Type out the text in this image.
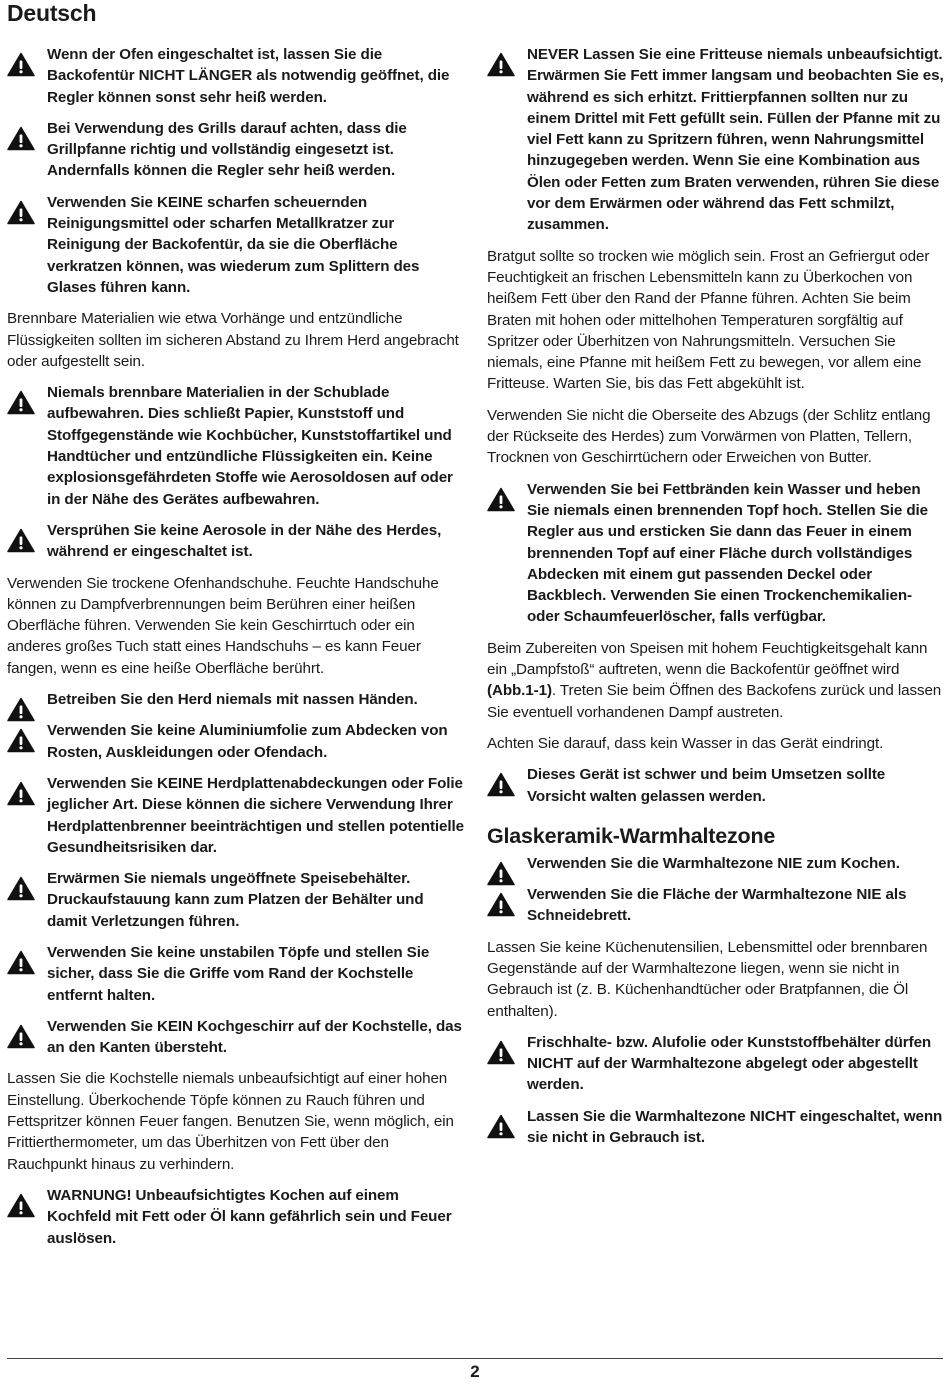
Deutsch
Wenn der Ofen eingeschaltet ist, lassen Sie die Backofentür NICHT LÄNGER als notwendig geöffnet, die Regler können sonst sehr heiß werden.
Bei Verwendung des Grills darauf achten, dass die Grillpfanne richtig und vollständig eingesetzt ist. Andernfalls können die Regler sehr heiß werden.
Verwenden Sie KEINE scharfen scheuernden Reinigungsmittel oder scharfen Metallkratzer zur Reinigung der Backofentür, da sie die Oberfläche verkratzen können, was wiederum zum Splittern des Glases führen kann.

Brennbare Materialien wie etwa Vorhänge und entzündliche Flüssigkeiten sollten im sicheren Abstand zu Ihrem Herd angebracht oder aufgestellt sein.

Niemals brennbare Materialien in der Schublade aufbewahren. Dies schließt Papier, Kunststoff und Stoffgegenstände wie Kochbücher, Kunststoffartikel und Handtücher und entzündliche Flüssigkeiten ein. Keine explosionsgefährdeten Stoffe wie Aerosoldosen auf oder in der Nähe des Gerätes aufbewahren.
Versprühen Sie keine Aerosole in der Nähe des Herdes, während er eingeschaltet ist.

Verwenden Sie trockene Ofenhandschuhe. Feuchte Handschuhe können zu Dampfverbrennungen beim Berühren einer heißen Oberfläche führen. Verwenden Sie kein Geschirrtuch oder ein anderes großes Tuch statt eines Handschuhs – es kann Feuer fangen, wenn es eine heiße Oberfläche berührt.

Betreiben Sie den Herd niemals mit nassen Händen.
Verwenden Sie keine Aluminiumfolie zum Abdecken von Rosten, Auskleidungen oder Ofendach.
Verwenden Sie KEINE Herdplattenabdeckungen oder Folie jeglicher Art. Diese können die sichere Verwendung Ihrer Herdplattenbrenner beeinträchtigen und stellen potentielle Gesundheitsrisiken dar.
Erwärmen Sie niemals ungeöffnete Speisebehälter. Druckaufstauung kann zum Platzen der Behälter und damit Verletzungen führen.
Verwenden Sie keine unstabilen Töpfe und stellen Sie sicher, dass Sie die Griffe vom Rand der Kochstelle entfernt halten.
Verwenden Sie KEIN Kochgeschirr auf der Kochstelle, das an den Kanten übersteht.

Lassen Sie die Kochstelle niemals unbeaufsichtigt auf einer hohen Einstellung. Überkochende Töpfe können zu Rauch führen und Fettspritzer können Feuer fangen. Benutzen Sie, wenn möglich, ein Frittierthermometer, um das Überhitzen von Fett über den Rauchpunkt hinaus zu verhindern.

WARNUNG! Unbeaufsichtigtes Kochen auf einem Kochfeld mit Fett oder Öl kann gefährlich sein und Feuer auslösen.
NEVER Lassen Sie eine Fritteuse niemals unbeaufsichtigt. Erwärmen Sie Fett immer langsam und beobachten Sie es, während es sich erhitzt. Frittierpfannen sollten nur zu einem Drittel mit Fett gefüllt sein. Füllen der Pfanne mit zu viel Fett kann zu Spritzern führen, wenn Nahrungsmittel hinzugegeben werden. Wenn Sie eine Kombination aus Ölen oder Fetten zum Braten verwenden, rühren Sie diese vor dem Erwärmen oder während das Fett schmilzt, zusammen.

Bratgut sollte so trocken wie möglich sein. Frost an Gefriergut oder Feuchtigkeit an frischen Lebensmitteln kann zu Überkochen von heißem Fett über den Rand der Pfanne führen. Achten Sie beim Braten mit hohen oder mittelhohen Temperaturen sorgfältig auf Spritzer oder Überhitzen von Nahrungsmitteln. Versuchen Sie niemals, eine Pfanne mit heißem Fett zu bewegen, vor allem eine Fritteuse. Warten Sie, bis das Fett abgekühlt ist.

Verwenden Sie nicht die Oberseite des Abzugs (der Schlitz entlang der Rückseite des Herdes) zum Vorwärmen von Platten, Tellern, Trocknen von Geschirrtüchern oder Erweichen von Butter.

Verwenden Sie bei Fettbränden kein Wasser und heben Sie niemals einen brennenden Topf hoch. Stellen Sie die Regler aus und ersticken Sie dann das Feuer in einem brennenden Topf auf einer Fläche durch vollständiges Abdecken mit einem gut passenden Deckel oder Backblech. Verwenden Sie einen Trockenchemikalien- oder Schaumfeuerlöscher, falls verfügbar.

Beim Zubereiten von Speisen mit hohem Feuchtigkeitsgehalt kann ein „Dampfstoß“ auftreten, wenn die Backofentür geöffnet wird (Abb.1-1). Treten Sie beim Öffnen des Backofens zurück und lassen Sie eventuell vorhandenen Dampf austreten.

Achten Sie darauf, dass kein Wasser in das Gerät eindringt.

Dieses Gerät ist schwer und beim Umsetzen sollte Vorsicht walten gelassen werden.
Glaskeramik-Warmhaltezone
Verwenden Sie die Warmhaltezone NIE zum Kochen.
Verwenden Sie die Fläche der Warmhaltezone NIE als Schneidebrett.

Lassen Sie keine Küchenutensilien, Lebensmittel oder brennbaren Gegenstände auf der Warmhaltezone liegen, wenn sie nicht in Gebrauch ist (z. B. Küchenhandtücher oder Bratpfannen, die Öl enthalten).

Frischhalte- bzw. Alufolie oder Kunststoffbehälter dürfen NICHT auf der Warmhaltezone abgelegt oder abgestellt werden.
Lassen Sie die Warmhaltezone NICHT eingeschaltet, wenn sie nicht in Gebrauch ist.
2
